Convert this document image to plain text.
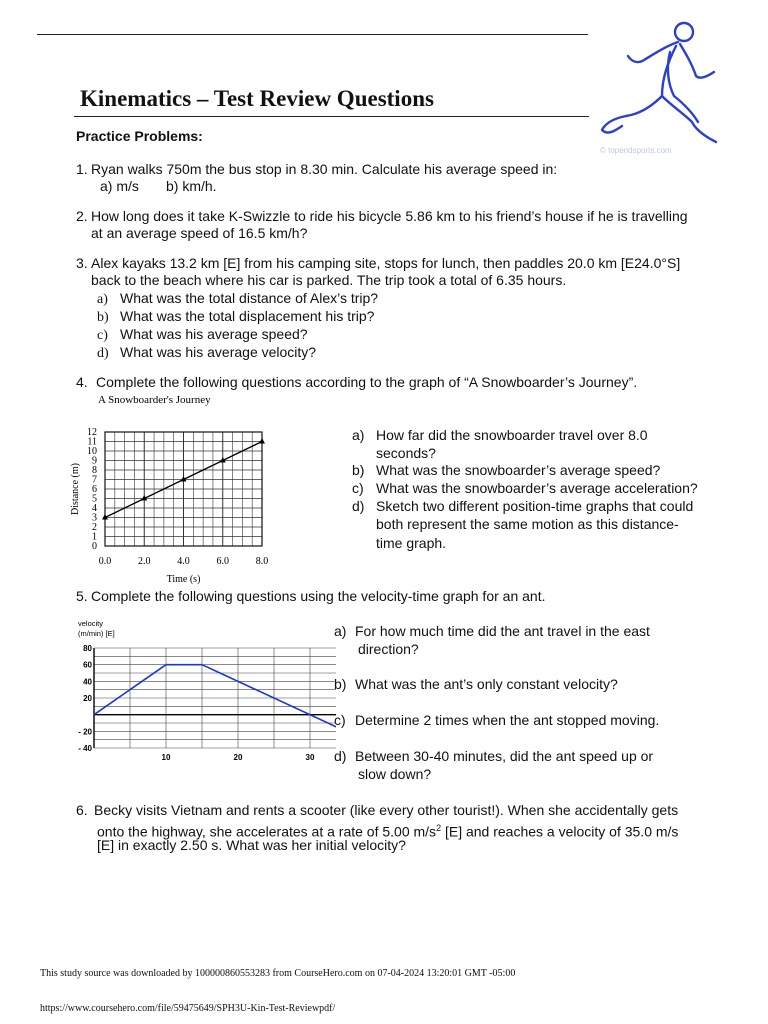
© topendsports.com
Kinematics – Test Review Questions
Practice Problems:
1. Ryan walks 750m the bus stop in 8.30 min. Calculate his average speed in:
a) m/s b) km/h.
2. How long does it take K-Swizzle to ride his bicycle 5.86 km to his friend’s house if he is travelling
at an average speed of 16.5 km/h?
3. Alex kayaks 13.2 km [E] from his camping site, stops for lunch, then paddles 20.0 km [E24.0°S]
back to the beach where his car is parked. The trip took a total of 6.35 hours.
a) What was the total distance of Alex’s trip?
b) What was the total displacement his trip?
c) What was his average speed?
d) What was his average velocity?
4. Complete the following questions according to the graph of “A Snowboarder’s Journey”.
a) How far did the snowboarder travel over 8.0
seconds?
b) What was the snowboarder’s average speed?
c) What was the snowboarder’s average acceleration?
d) Sketch two different position-time graphs that could
both represent the same motion as this distance-
time graph.
A Snowboarder's Journey
0
1
2
3
4
5
6
7
8
9
10
11
12
0.0	2.0	4.0	6.0	8.0
Time (s)
Distance (m)
5. Complete the following questions using the velocity-time graph for an ant.
a) For how much time did the ant travel in the east
direction?
b) What was the ant’s only constant velocity?
c) Determine 2 times when the ant stopped moving.
d) Between 30-40 minutes, did the ant speed up or
slow down?
velocity
(m/min) [E]
80
60
40
20
- 20
- 40
10	20	30
6. Becky visits Vietnam and rents a scooter (like every other tourist!). When she accidentally gets
onto the highway, she accelerates at a rate of 5.00 $m/s^2$ [E] and reaches a velocity of 35.0 m/s
[E] in exactly 2.50 s. What was her initial velocity?
This study source was downloaded by 100000860553283 from CourseHero.com on 07-04-2024 13:20:01 GMT -05:00
https://www.coursehero.com/file/59475649/SPH3U-Kin-Test-Reviewpdf/
